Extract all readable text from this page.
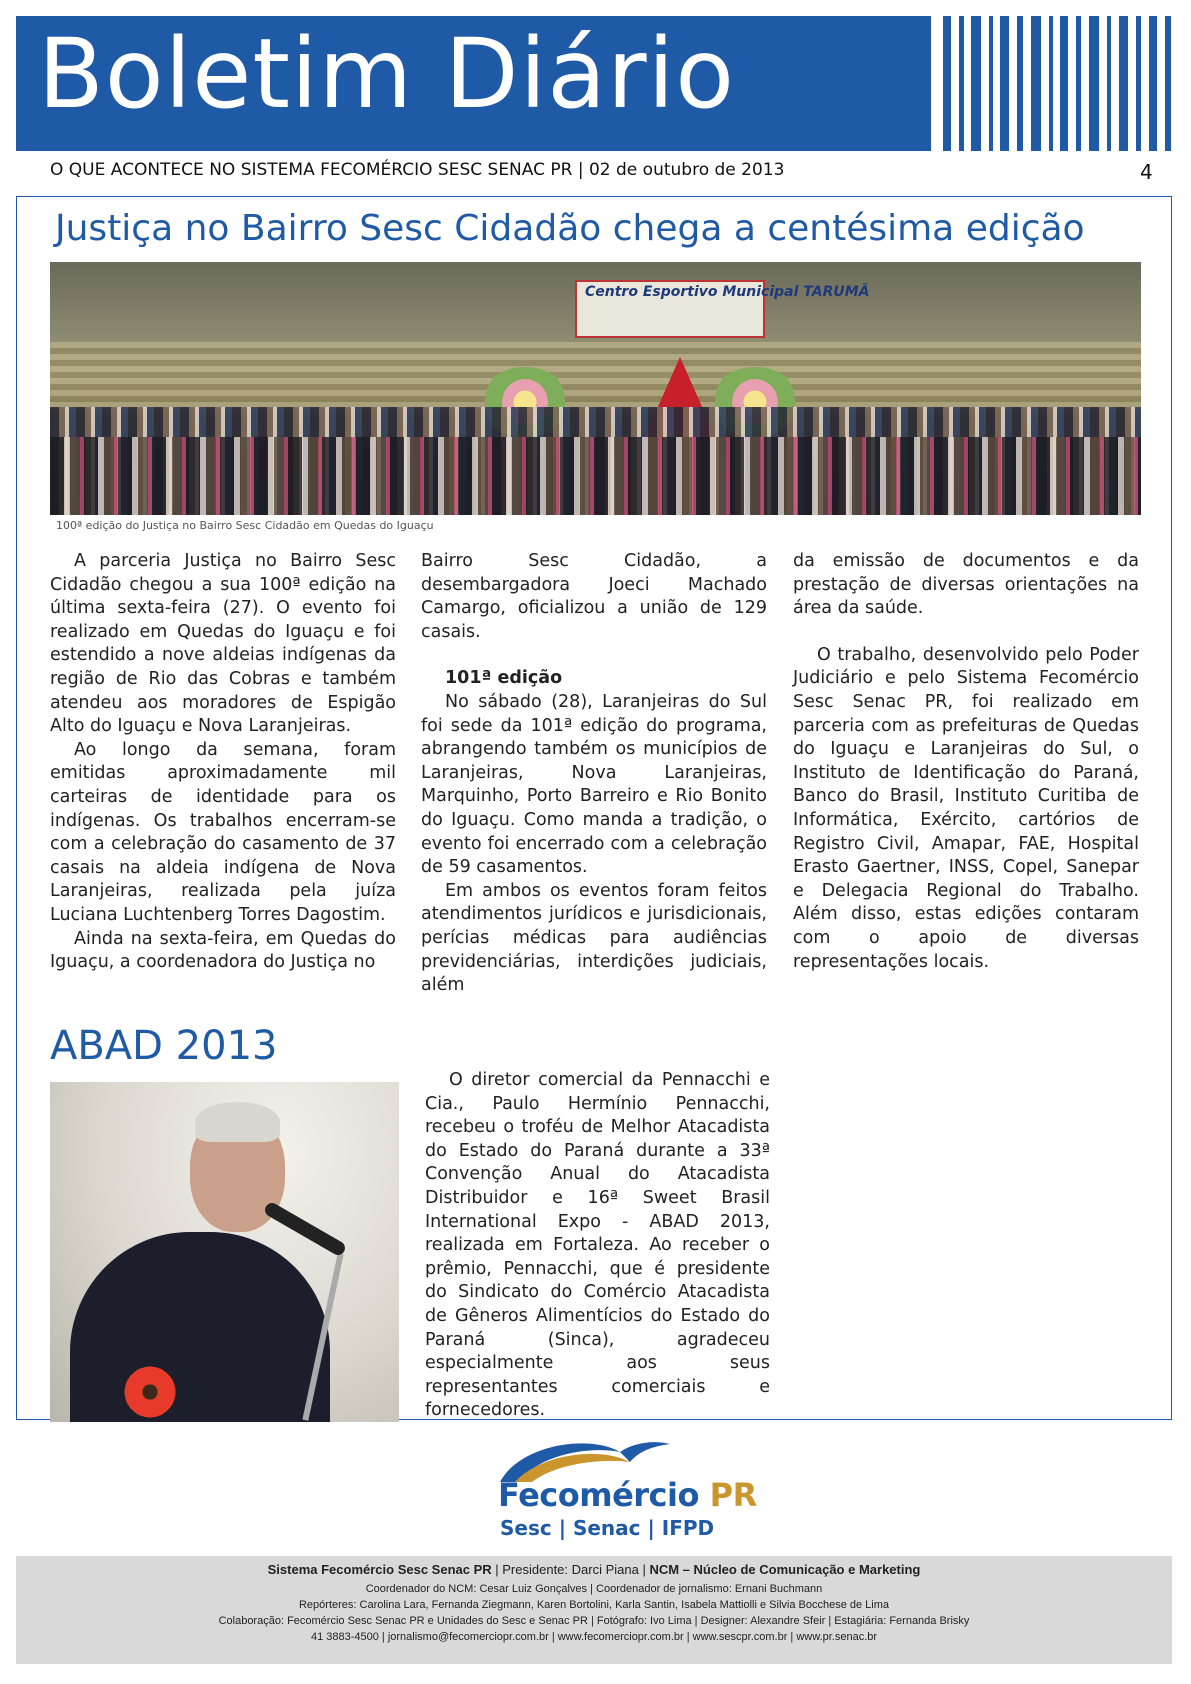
Boletim Diário
O QUE ACONTECE NO SISTEMA FECOMÉRCIO SESC SENAC PR | 02 de outubro de 2013	4
Justiça no Bairro Sesc Cidadão chega a centésima edição
Centro Esportivo Municipal TARUMÃ
100ª edição do Justiça no Bairro Sesc Cidadão em Quedas do Iguaçu

A parceria Justiça no Bairro Sesc Cidadão chegou a sua 100ª edição na última sexta-feira (27). O evento foi realizado em Quedas do Iguaçu e foi estendido a nove aldeias indígenas da região de Rio das Cobras e também atendeu aos moradores de Espigão Alto do Iguaçu e Nova Laranjeiras.

Ao longo da semana, foram emitidas aproximadamente mil carteiras de identidade para os indígenas. Os trabalhos encerram-se com a celebração do casamento de 37 casais na aldeia indígena de Nova Laranjeiras, realizada pela juíza Luciana Luchtenberg Torres Dagostim.

Ainda na sexta-feira, em Quedas do Iguaçu, a coordenadora do Justiça no

Bairro Sesc Cidadão, a desembargadora Joeci Machado Camargo, oficializou a união de 129 casais.

101ª edição

No sábado (28), Laranjeiras do Sul foi sede da 101ª edição do programa, abrangendo também os municípios de Laranjeiras, Nova Laranjeiras, Marquinho, Porto Barreiro e Rio Bonito do Iguaçu. Como manda a tradição, o evento foi encerrado com a celebração de 59 casamentos.

Em ambos os eventos foram feitos atendimentos jurídicos e jurisdicionais, perícias médicas para audiências previdenciárias, interdições judiciais, além

da emissão de documentos e da prestação de diversas orientações na área da saúde.

O trabalho, desenvolvido pelo Poder Judiciário e pelo Sistema Fecomércio Sesc Senac PR, foi realizado em parceria com as prefeituras de Quedas do Iguaçu e Laranjeiras do Sul, o Instituto de Identificação do Paraná, Banco do Brasil, Instituto Curitiba de Informática, Exército, cartórios de Registro Civil, Amapar, FAE, Hospital Erasto Gaertner, INSS, Copel, Sanepar e Delegacia Regional do Trabalho. Além disso, estas edições contaram com o apoio de diversas representações locais.

ABAD 2013

O diretor comercial da Pennacchi e Cia., Paulo Hermínio Pennacchi, recebeu o troféu de Melhor Atacadista do Estado do Paraná durante a 33ª Convenção Anual do Atacadista Distribuidor e 16ª Sweet Brasil International Expo - ABAD 2013, realizada em Fortaleza. Ao receber o prêmio, Pennacchi, que é presidente do Sindicato do Comércio Atacadista de Gêneros Alimentícios do Estado do Paraná (Sinca), agradeceu especialmente aos seus representantes comerciais e fornecedores.

Fecomércio PR
Sesc | Senac | IFPD
Sistema Fecomércio Sesc Senac PR | Presidente: Darci Piana | NCM – Núcleo de Comunicação e Marketing
Coordenador do NCM: Cesar Luiz Gonçalves | Coordenador de jornalismo: Ernani Buchmann
Repórteres: Carolina Lara, Fernanda Ziegmann, Karen Bortolini, Karla Santin, Isabela Mattiolli e Silvia Bocchese de Lima
Colaboração: Fecomércio Sesc Senac PR e Unidades do Sesc e Senac PR | Fotógrafo: Ivo Lima | Designer: Alexandre Sfeir | Estagiária: Fernanda Brisky
41 3883-4500 | jornalismo@fecomerciopr.com.br | www.fecomerciopr.com.br | www.sescpr.com.br | www.pr.senac.br
